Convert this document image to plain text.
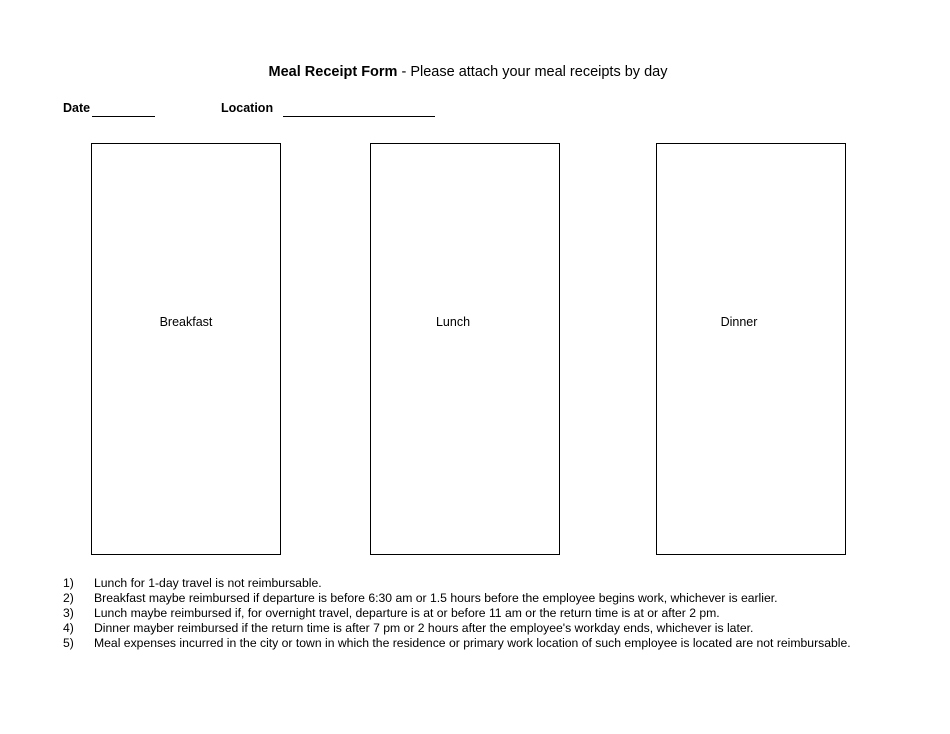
Meal Receipt Form - Please attach your meal receipts by day
Date	Location
Breakfast	Lunch	Dinner
1) Lunch for 1-day travel is not reimbursable.
2) Breakfast maybe reimbursed if departure is before 6:30 am or 1.5 hours before the employee begins work, whichever is earlier.
3) Lunch maybe reimbursed if, for overnight travel, departure is at or before 11 am or the return time is at or after 2 pm.
4) Dinner mayber reimbursed if the return time is after 7 pm or 2 hours after the employee's workday ends, whichever is later.
5) Meal expenses incurred in the city or town in which the residence or primary work location of such employee is located are not reimbursable.
